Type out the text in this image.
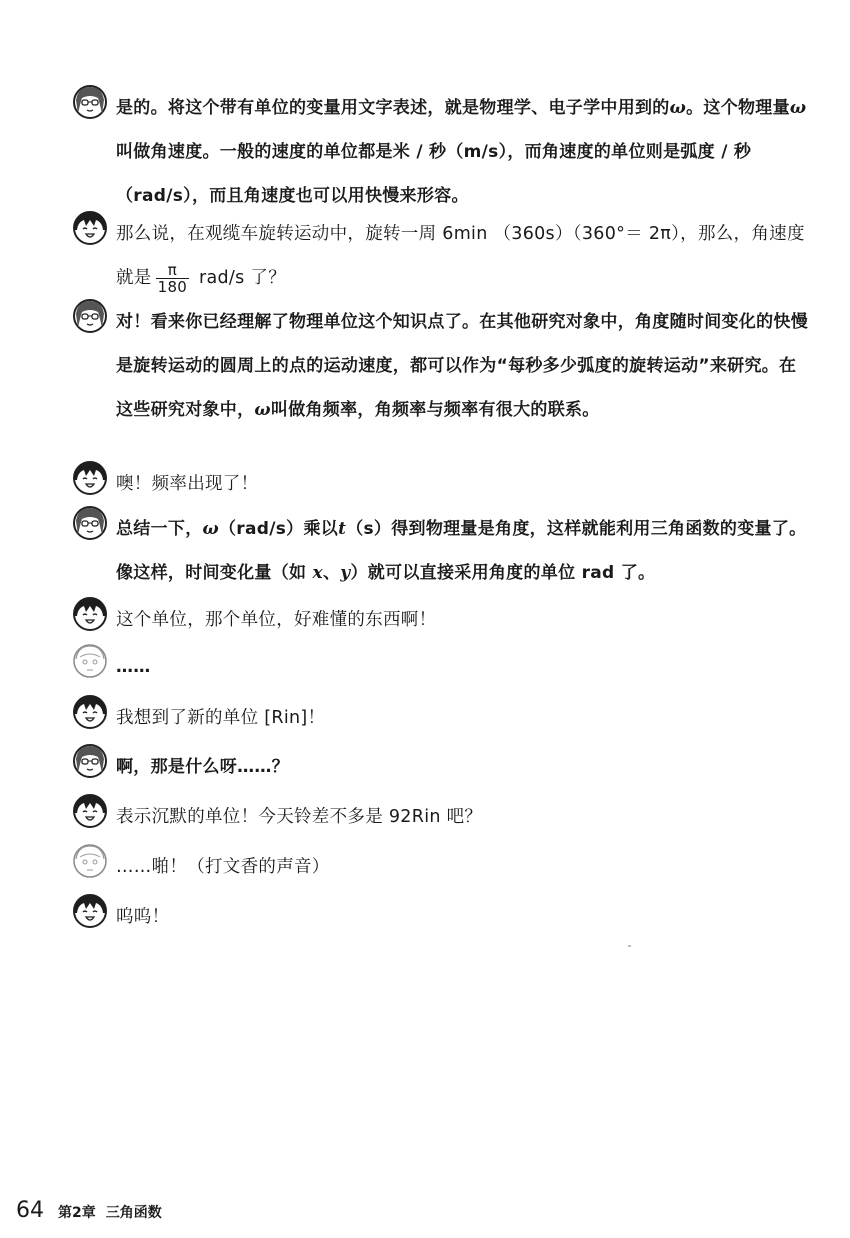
是的。将这个带有单位的变量用文字表述，就是物理学、电子学中用到的ω。这个物理量ω叫做角速度。一般的速度的单位都是米 / 秒（m/s），而角速度的单位则是弧度 / 秒（rad/s），而且角速度也可以用快慢来形容。
那么说，在观缆车旋转运动中，旋转一周 6min （360s）（360°＝ 2π），那么，角速度就是 $\frac{\pi}{180} rad/s$ 了？
对！看来你已经理解了物理单位这个知识点了。在其他研究对象中，角度随时间变化的快慢是旋转运动的圆周上的点的运动速度，都可以作为“每秒多少弧度的旋转运动”来研究。在这些研究对象中，ω叫做角频率，角频率与频率有很大的联系。
噢！频率出现了！
总结一下，ω（rad/s）乘以t（s）得到物理量是角度，这样就能利用三角函数的变量了。像这样，时间变化量（如 x、y）就可以直接采用角度的单位 rad 了。
这个单位，那个单位，好难懂的东西啊！
……
我想到了新的单位 [Rin]！
啊，那是什么呀……？
表示沉默的单位！今天铃差不多是 92Rin 吧？
……啪！（打文香的声音）
呜呜！
64 第2章 三角函数
